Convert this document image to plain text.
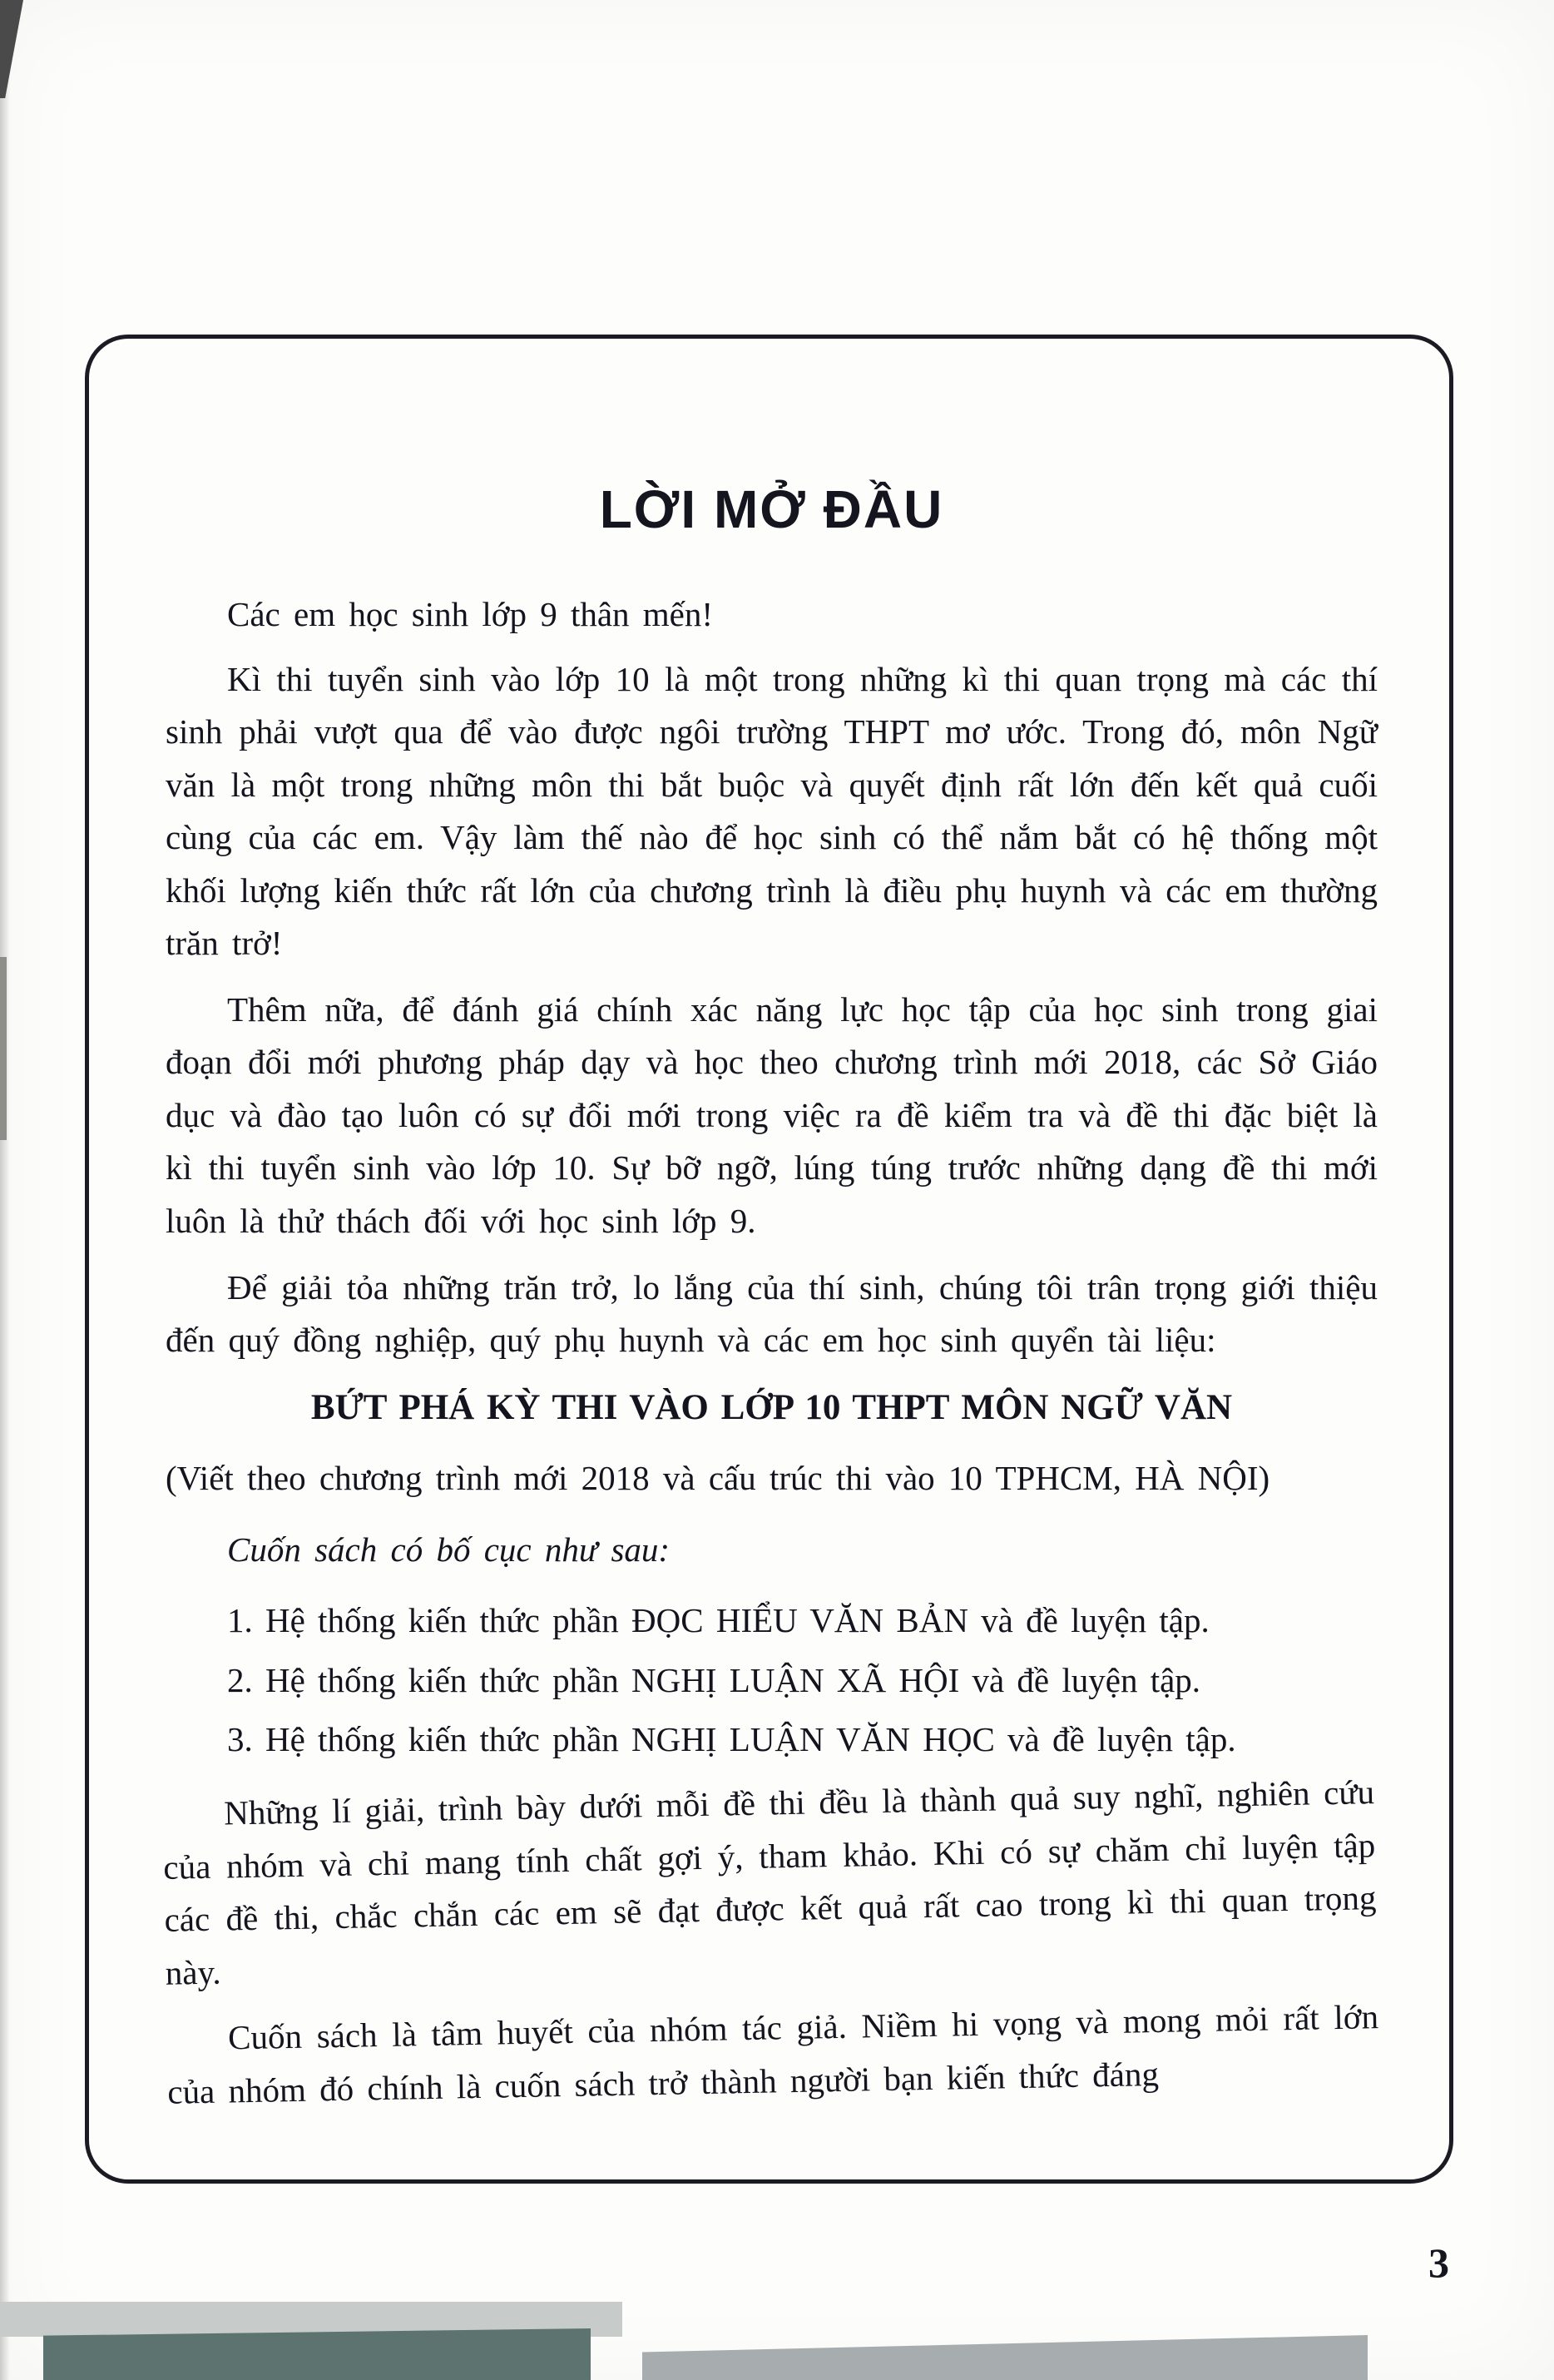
LỜI MỞ ĐẦU

Các em học sinh lớp 9 thân mến!

Kì thi tuyển sinh vào lớp 10 là một trong những kì thi quan trọng mà các thí sinh phải vượt qua để vào được ngôi trường THPT mơ ước. Trong đó, môn Ngữ văn là một trong những môn thi bắt buộc và quyết định rất lớn đến kết quả cuối cùng của các em. Vậy làm thế nào để học sinh có thể nắm bắt có hệ thống một khối lượng kiến thức rất lớn của chương trình là điều phụ huynh và các em thường trăn trở!

Thêm nữa, để đánh giá chính xác năng lực học tập của học sinh trong giai đoạn đổi mới phương pháp dạy và học theo chương trình mới 2018, các Sở Giáo dục và đào tạo luôn có sự đổi mới trong việc ra đề kiểm tra và đề thi đặc biệt là kì thi tuyển sinh vào lớp 10. Sự bỡ ngỡ, lúng túng trước những dạng đề thi mới luôn là thử thách đối với học sinh lớp 9.

Để giải tỏa những trăn trở, lo lắng của thí sinh, chúng tôi trân trọng giới thiệu đến quý đồng nghiệp, quý phụ huynh và các em học sinh quyển tài liệu:

BỨT PHÁ KỲ THI VÀO LỚP 10 THPT MÔN NGỮ VĂN

(Viết theo chương trình mới 2018 và cấu trúc thi vào 10 TPHCM, HÀ NỘI)

Cuốn sách có bố cục như sau:

1. Hệ thống kiến thức phần ĐỌC HIỂU VĂN BẢN và đề luyện tập.
2. Hệ thống kiến thức phần NGHỊ LUẬN XÃ HỘI và đề luyện tập.
3. Hệ thống kiến thức phần NGHỊ LUẬN VĂN HỌC và đề luyện tập.

Những lí giải, trình bày dưới mỗi đề thi đều là thành quả suy nghĩ, nghiên cứu của nhóm và chỉ mang tính chất gợi ý, tham khảo. Khi có sự chăm chỉ luyện tập các đề thi, chắc chắn các em sẽ đạt được kết quả rất cao trong kì thi quan trọng này.

Cuốn sách là tâm huyết của nhóm tác giả. Niềm hi vọng và mong mỏi rất lớn của nhóm đó chính là cuốn sách trở thành người bạn kiến thức đáng

3
